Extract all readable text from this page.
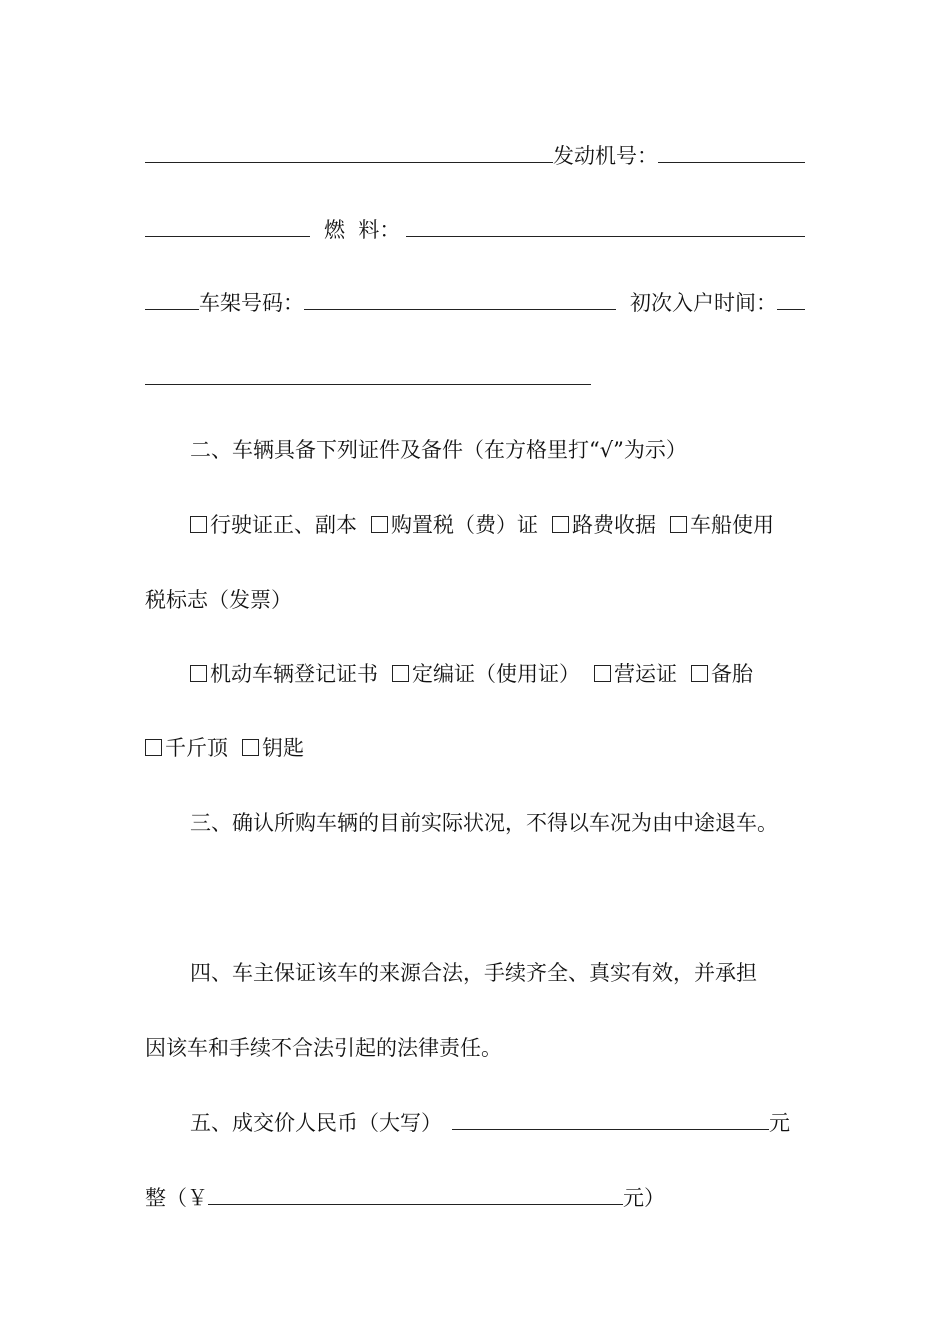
发动机号：
燃  料：
车架号码：	初次入户时间：
二、车辆具备下列证件及备件（在方格里打“√”为示）
行驶证正、副本 购置税（费）证 路费收据 车船使用
税标志（发票）
机动车辆登记证书 定编证（使用证） 营运证 备胎
千斤顶 钥匙
三、确认所购车辆的目前实际状况，不得以车况为由中途退车。
四、车主保证该车的来源合法，手续齐全、真实有效，并承担
因该车和手续不合法引起的法律责任。
五、成交价人民币（大写）	元
整（￥	元）
